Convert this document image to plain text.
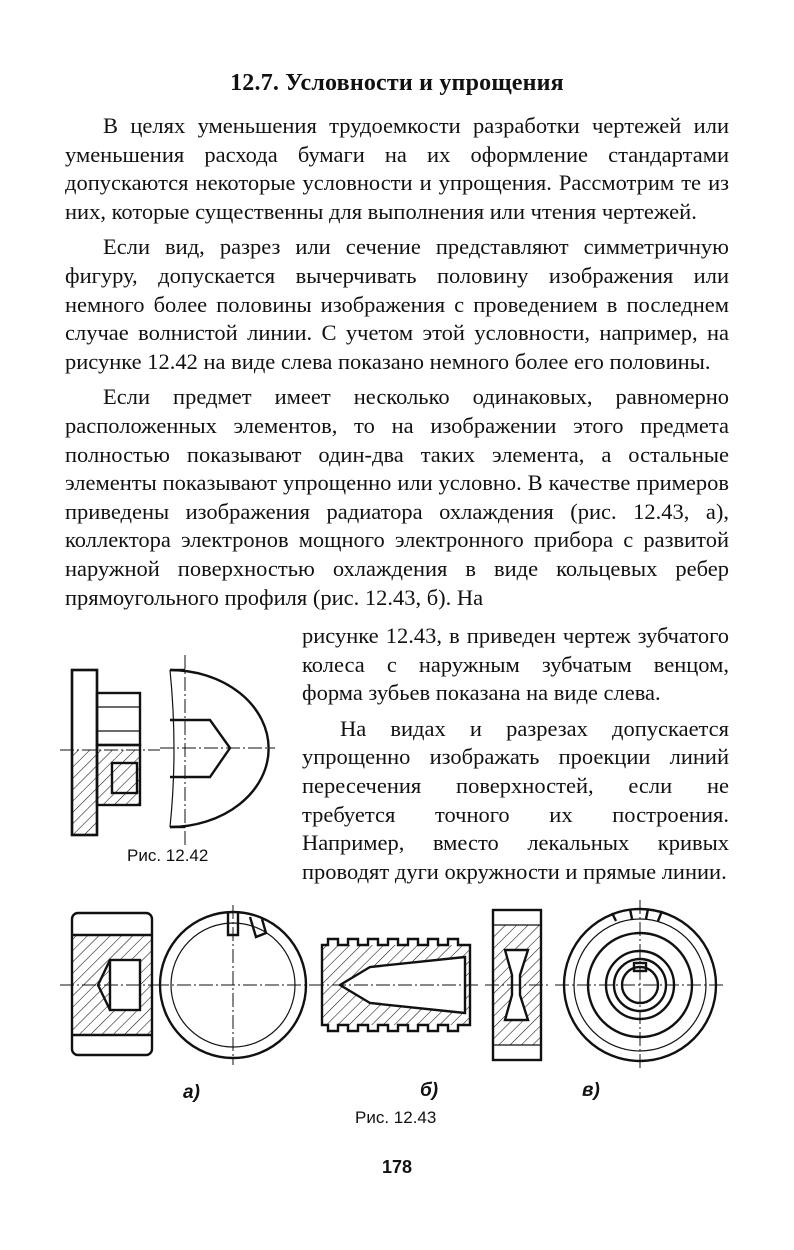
12.7. Условности и упрощения

В целях уменьшения трудоемкости разработки чертежей или уменьшения расхода бумаги на их оформление стандартами допускаются некоторые условности и упрощения. Рассмотрим те из них, которые существенны для выполнения или чтения чертежей.

Если вид, разрез или сечение представляют симметричную фигуру, допускается вычерчивать половину изображения или немного более половины изображения с проведением в последнем случае волнистой линии. С учетом этой условности, например, на рисунке 12.42 на виде слева показано немного более его половины.

Если предмет имеет несколько одинаковых, равномерно расположенных элементов, то на изображении этого предмета полностью показывают один-два таких элемента, а остальные элементы показывают упрощенно или условно. В качестве примеров приведены изображения радиатора охлаждения (рис. 12.43, а), коллектора электронов мощного электронного прибора с развитой наружной поверхностью охлаждения в виде кольцевых ребер прямоугольного профиля (рис. 12.43, б). На

рисунке 12.43, в приведен чертеж зубчатого колеса с наружным зубчатым венцом, форма зубьев показана на виде слева.

На видах и разрезах допускается упрощенно изображать проекции линий пересечения поверхностей, если не требуется точного их построения. Например, вместо лекальных кривых проводят дуги окружности и прямые линии.

Рис. 12.42
а)	б)	в)
Рис. 12.43
178
